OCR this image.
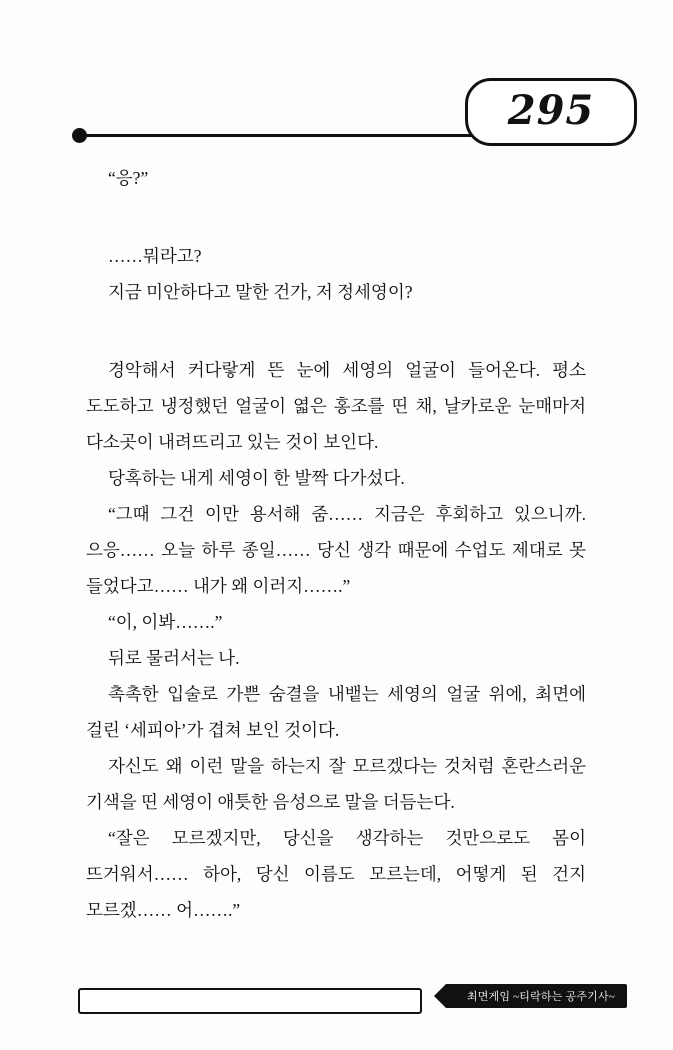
295

“응?”

……뭐라고?

지금 미안하다고 말한 건가, 저 정세영이?

경악해서 커다랗게 뜬 눈에 세영의 얼굴이 들어온다. 평소 도도하고 냉정했던 얼굴이 엷은 홍조를 띤 채, 날카로운 눈매마저 다소곳이 내려뜨리고 있는 것이 보인다.

당혹하는 내게 세영이 한 발짝 다가섰다.

“그때 그건 이만 용서해 줌…… 지금은 후회하고 있으니까. 으응…… 오늘 하루 종일…… 당신 생각 때문에 수업도 제대로 못 들었다고…… 내가 왜 이러지…….”

“이, 이봐…….”

뒤로 물러서는 나.

촉촉한 입술로 가쁜 숨결을 내뱉는 세영의 얼굴 위에, 최면에 걸린 ‘세피아’가 겹쳐 보인 것이다.

자신도 왜 이런 말을 하는지 잘 모르겠다는 것처럼 혼란스러운 기색을 띤 세영이 애틋한 음성으로 말을 더듬는다.

“잘은 모르겠지만, 당신을 생각하는 것만으로도 몸이 뜨거워서…… 하아, 당신 이름도 모르는데, 어떻게 된 건지 모르겠…… 어…….”

최면게임 ~티락하는 공주기사~
